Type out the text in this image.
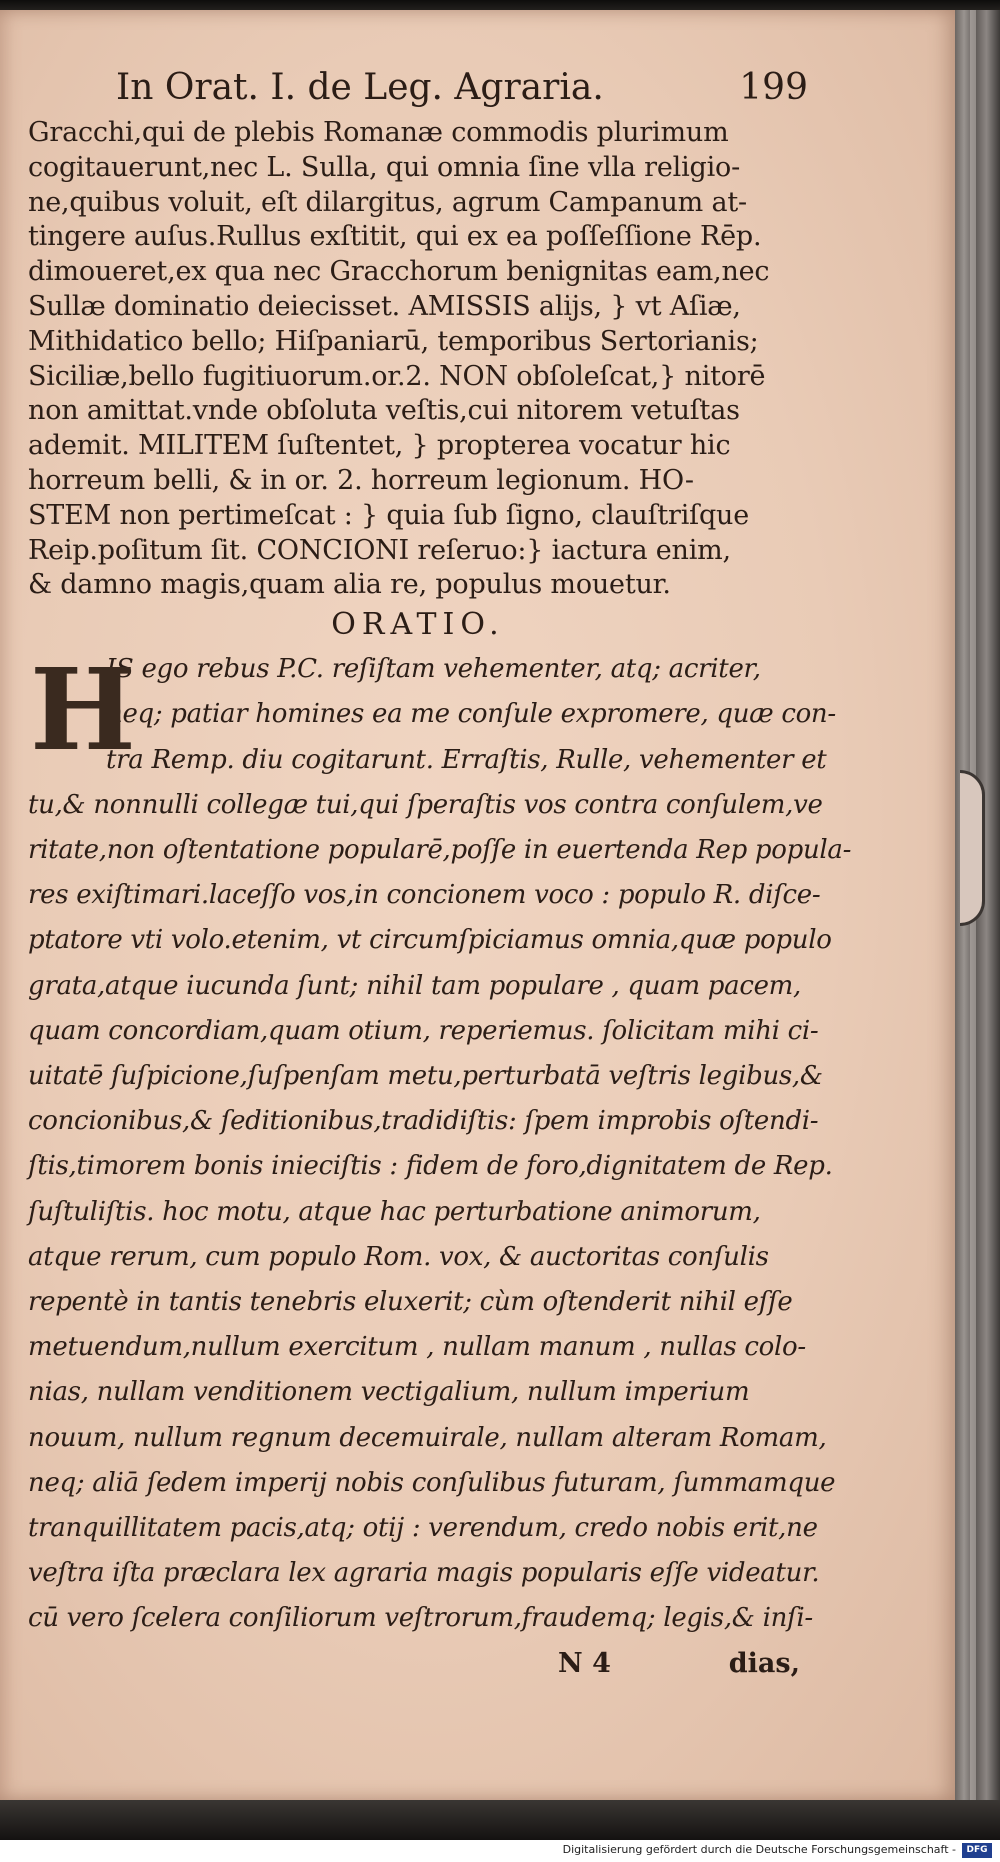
In Orat. I. de Leg. Agraria.	199
Gracchi,qui de plebis Romanæ commodis plurimum
cogitauerunt,nec L. Sulla, qui omnia ſine vlla religio-
ne,quibus voluit, eſt dilargitus, agrum Campanum at-
tingere auſus.Rullus exſtitit, qui ex ea poſſeſſione Rēp.
dimoueret,ex qua nec Gracchorum benignitas eam,nec
Sullæ dominatio deiecisset. AMISSIS alijs, } vt Aſiæ,
Mithidatico bello; Hiſpaniarū, temporibus Sertorianis;
Siciliæ,bello fugitiuorum.or.2. NON obſoleſcat,} nitorē
non amittat.vnde obſoluta veſtis,cui nitorem vetuſtas
ademit. MILITEM ſuſtentet, } propterea vocatur hic
horreum belli, & in or. 2. horreum legionum. HO-
STEM non pertimeſcat : } quia ſub ſigno, clauſtriſque
Reip.poſitum ſit. CONCIONI reſeruo:} iactura enim,
& damno magis,quam alia re, populus mouetur.
ORATIO.
H
IS ego rebus P.C. reſiſtam vehementer, atq; acriter,
neq; patiar homines ea me conſule expromere, quæ con-
tra Remp. diu cogitarunt. Erraſtis, Rulle, vehementer et
tu,& nonnulli collegæ tui,qui ſperaſtis vos contra conſulem,ve
ritate,non oſtentatione popularē,poſſe in euertenda Rep popula-
res exiſtimari.laceſſo vos,in concionem voco : populo R. diſce-
ptatore vti volo.etenim, vt circumſpiciamus omnia,quæ populo
grata,atque iucunda ſunt; nihil tam populare , quam pacem,
quam concordiam,quam otium, reperiemus. ſolicitam mihi ci-
uitatē ſuſpicione,ſuſpenſam metu,perturbatā veſtris legibus,&
concionibus,& ſeditionibus,tradidiſtis: ſpem improbis oſtendi-
ſtis,timorem bonis inieciſtis : fidem de foro,dignitatem de Rep.
ſuſtuliſtis. hoc motu, atque hac perturbatione animorum,
atque rerum, cum populo Rom. vox, & auctoritas conſulis
repentè in tantis tenebris eluxerit; cùm oſtenderit nihil eſſe
metuendum,nullum exercitum , nullam manum , nullas colo-
nias, nullam venditionem vectigalium, nullum imperium
nouum, nullum regnum decemuirale, nullam alteram Romam,
neq; aliā ſedem imperij nobis conſulibus futuram, ſummamque
tranquillitatem pacis,atq; otij : verendum, credo nobis erit,ne
veſtra iſta præclara lex agraria magis popularis eſſe videatur.
cū vero ſcelera conſiliorum veſtrorum,fraudemq; legis,& inſi-
N 4	dias,
Digitalisierung gefördert durch die Deutsche Forschungsgemeinschaft -	DFG
